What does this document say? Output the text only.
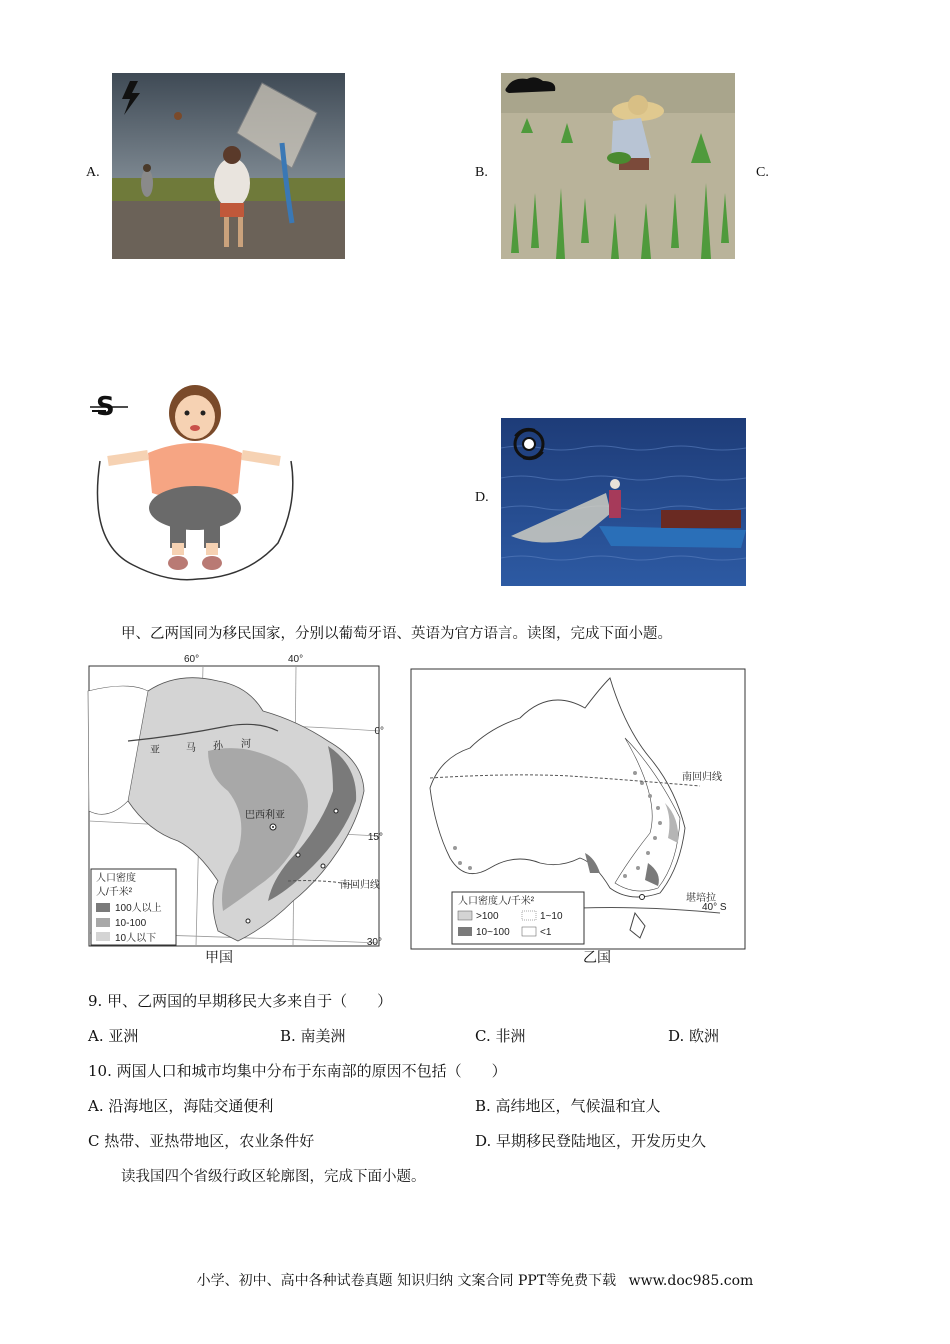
A.	B.	C.
S
D.
甲、乙两国同为移民国家，分别以葡萄牙语、英语为官方语言。读图，完成下面小题。
60°	40°
0°
15°
30°
亚	马 孙 河
巴西利亚
南回归线
人口密度
人/千米²
100人以上
10-100
10人以下
甲国
南回归线
堪培拉
40° S
人口密度人/千米²
>100	1~10
10~100	<1
乙国
9. 甲、乙两国的早期移民大多来自于（　　）
A. 亚洲	B. 南美洲	C. 非洲	D. 欧洲
10. 两国人口和城市均集中分布于东南部的原因不包括（　　）
A. 沿海地区，海陆交通便利	B. 高纬地区，气候温和宜人
C 热带、亚热带地区，农业条件好	D. 早期移民登陆地区，开发历史久
读我国四个省级行政区轮廓图，完成下面小题。
小学、初中、高中各种试卷真题 知识归纳 文案合同 PPT等免费下载 www.doc985.com
